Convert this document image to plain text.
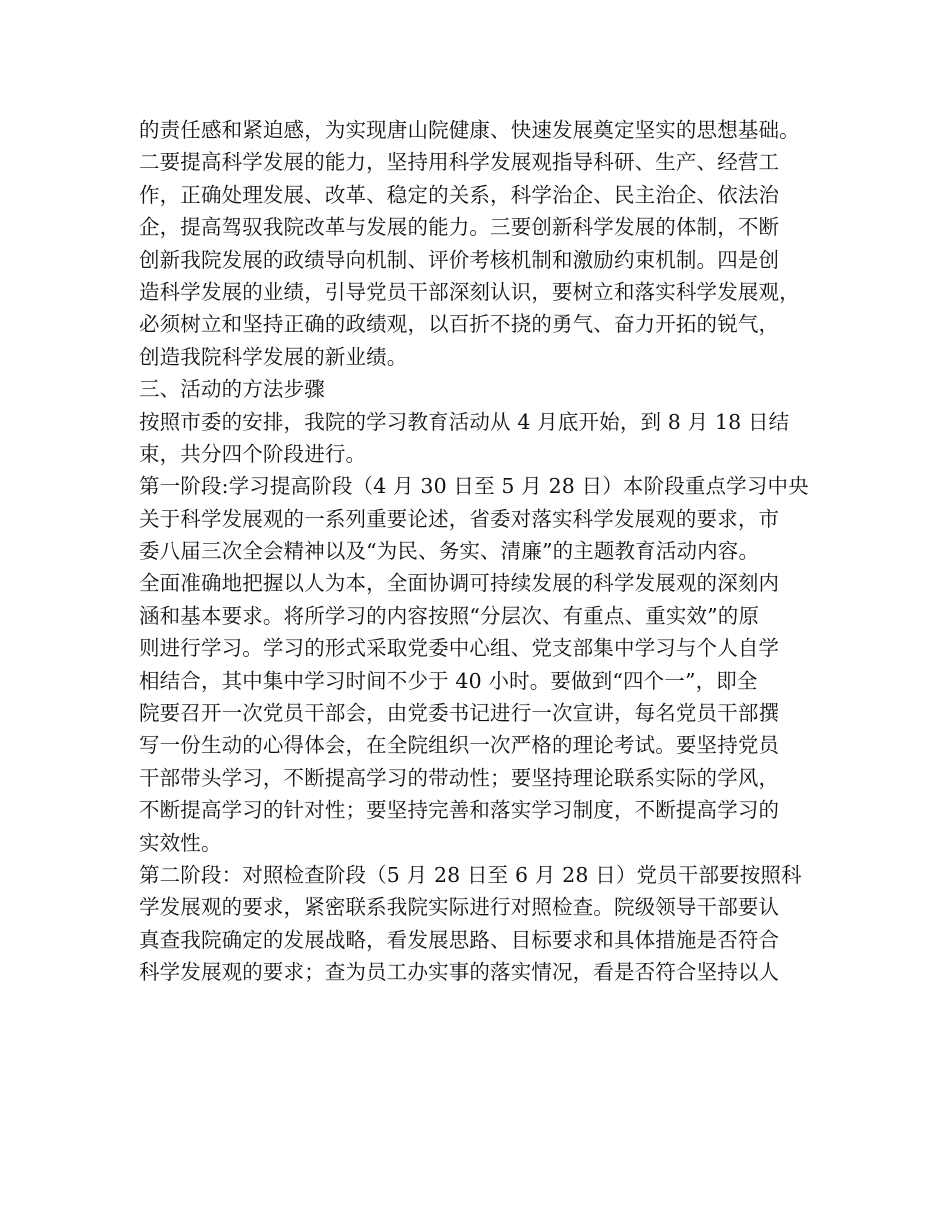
的责任感和紧迫感，为实现唐山院健康、快速发展奠定坚实的思想基础。
二要提高科学发展的能力，坚持用科学发展观指导科研、生产、经营工
作，正确处理发展、改革、稳定的关系，科学治企、民主治企、依法治
企，提高驾驭我院改革与发展的能力。三要创新科学发展的体制，不断
创新我院发展的政绩导向机制、评价考核机制和激励约束机制。四是创
造科学发展的业绩，引导党员干部深刻认识，要树立和落实科学发展观，
必须树立和坚持正确的政绩观，以百折不挠的勇气、奋力开拓的锐气，
创造我院科学发展的新业绩。
三、活动的方法步骤
按照市委的安排，我院的学习教育活动从 4 月底开始，到 8 月 18 日结
束，共分四个阶段进行。
第一阶段:学习提高阶段（4 月 30 日至 5 月 28 日）本阶段重点学习中央
关于科学发展观的一系列重要论述，省委对落实科学发展观的要求，市
委八届三次全会精神以及“为民、务实、清廉”的主题教育活动内容。
全面准确地把握以人为本，全面协调可持续发展的科学发展观的深刻内
涵和基本要求。将所学习的内容按照“分层次、有重点、重实效”的原
则进行学习。学习的形式采取党委中心组、党支部集中学习与个人自学
相结合，其中集中学习时间不少于 40 小时。要做到“四个一”，即全
院要召开一次党员干部会，由党委书记进行一次宣讲，每名党员干部撰
写一份生动的心得体会，在全院组织一次严格的理论考试。要坚持党员
干部带头学习，不断提高学习的带动性；要坚持理论联系实际的学风，
不断提高学习的针对性；要坚持完善和落实学习制度，不断提高学习的
实效性。
第二阶段：对照检查阶段（5 月 28 日至 6 月 28 日）党员干部要按照科
学发展观的要求，紧密联系我院实际进行对照检查。院级领导干部要认
真查我院确定的发展战略，看发展思路、目标要求和具体措施是否符合
科学发展观的要求；查为员工办实事的落实情况，看是否符合坚持以人
